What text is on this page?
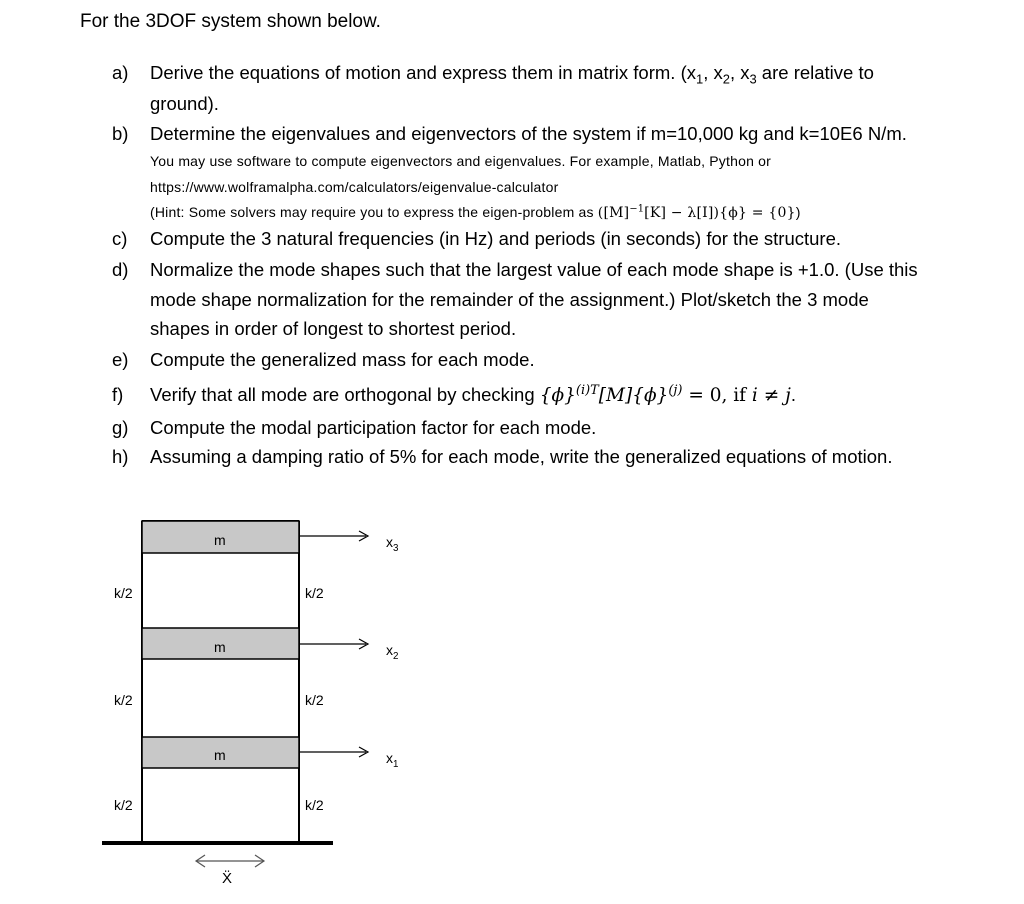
For the 3DOF system shown below.
a) Derive the equations of motion and express them in matrix form. ($x_1$, $x_2$, $x_3$ are relative to
ground).
b) Determine the eigenvalues and eigenvectors of the system if m=10,000 kg and k=10E6 N/m.
You may use software to compute eigenvectors and eigenvalues. For example, Matlab, Python or
https://www.wolframalpha.com/calculators/eigenvalue-calculator
(Hint: Some solvers may require you to express the eigen-problem as $([M]^{-1}[K] - \lambda[I])\{\phi\} = \{0\}$)
c) Compute the 3 natural frequencies (in Hz) and periods (in seconds) for the structure.
d) Normalize the mode shapes such that the largest value of each mode shape is +1.0. (Use this
mode shape normalization for the remainder of the assignment.) Plot/sketch the 3 mode
shapes in order of longest to shortest period.
e) Compute the generalized mass for each mode.
f) Verify that all mode are orthogonal by checking $\{\phi\}^{(i)T}[M]\{\phi\}^{(j)} = 0$, if i ≠ j.
g) Compute the modal participation factor for each mode.
h) Assuming a damping ratio of 5% for each mode, write the generalized equations of motion.
m
m
m
k/2	k/2
k/2	k/2
k/2	k/2
$x_3$
$x_2$
$x_1$
Ẍ
